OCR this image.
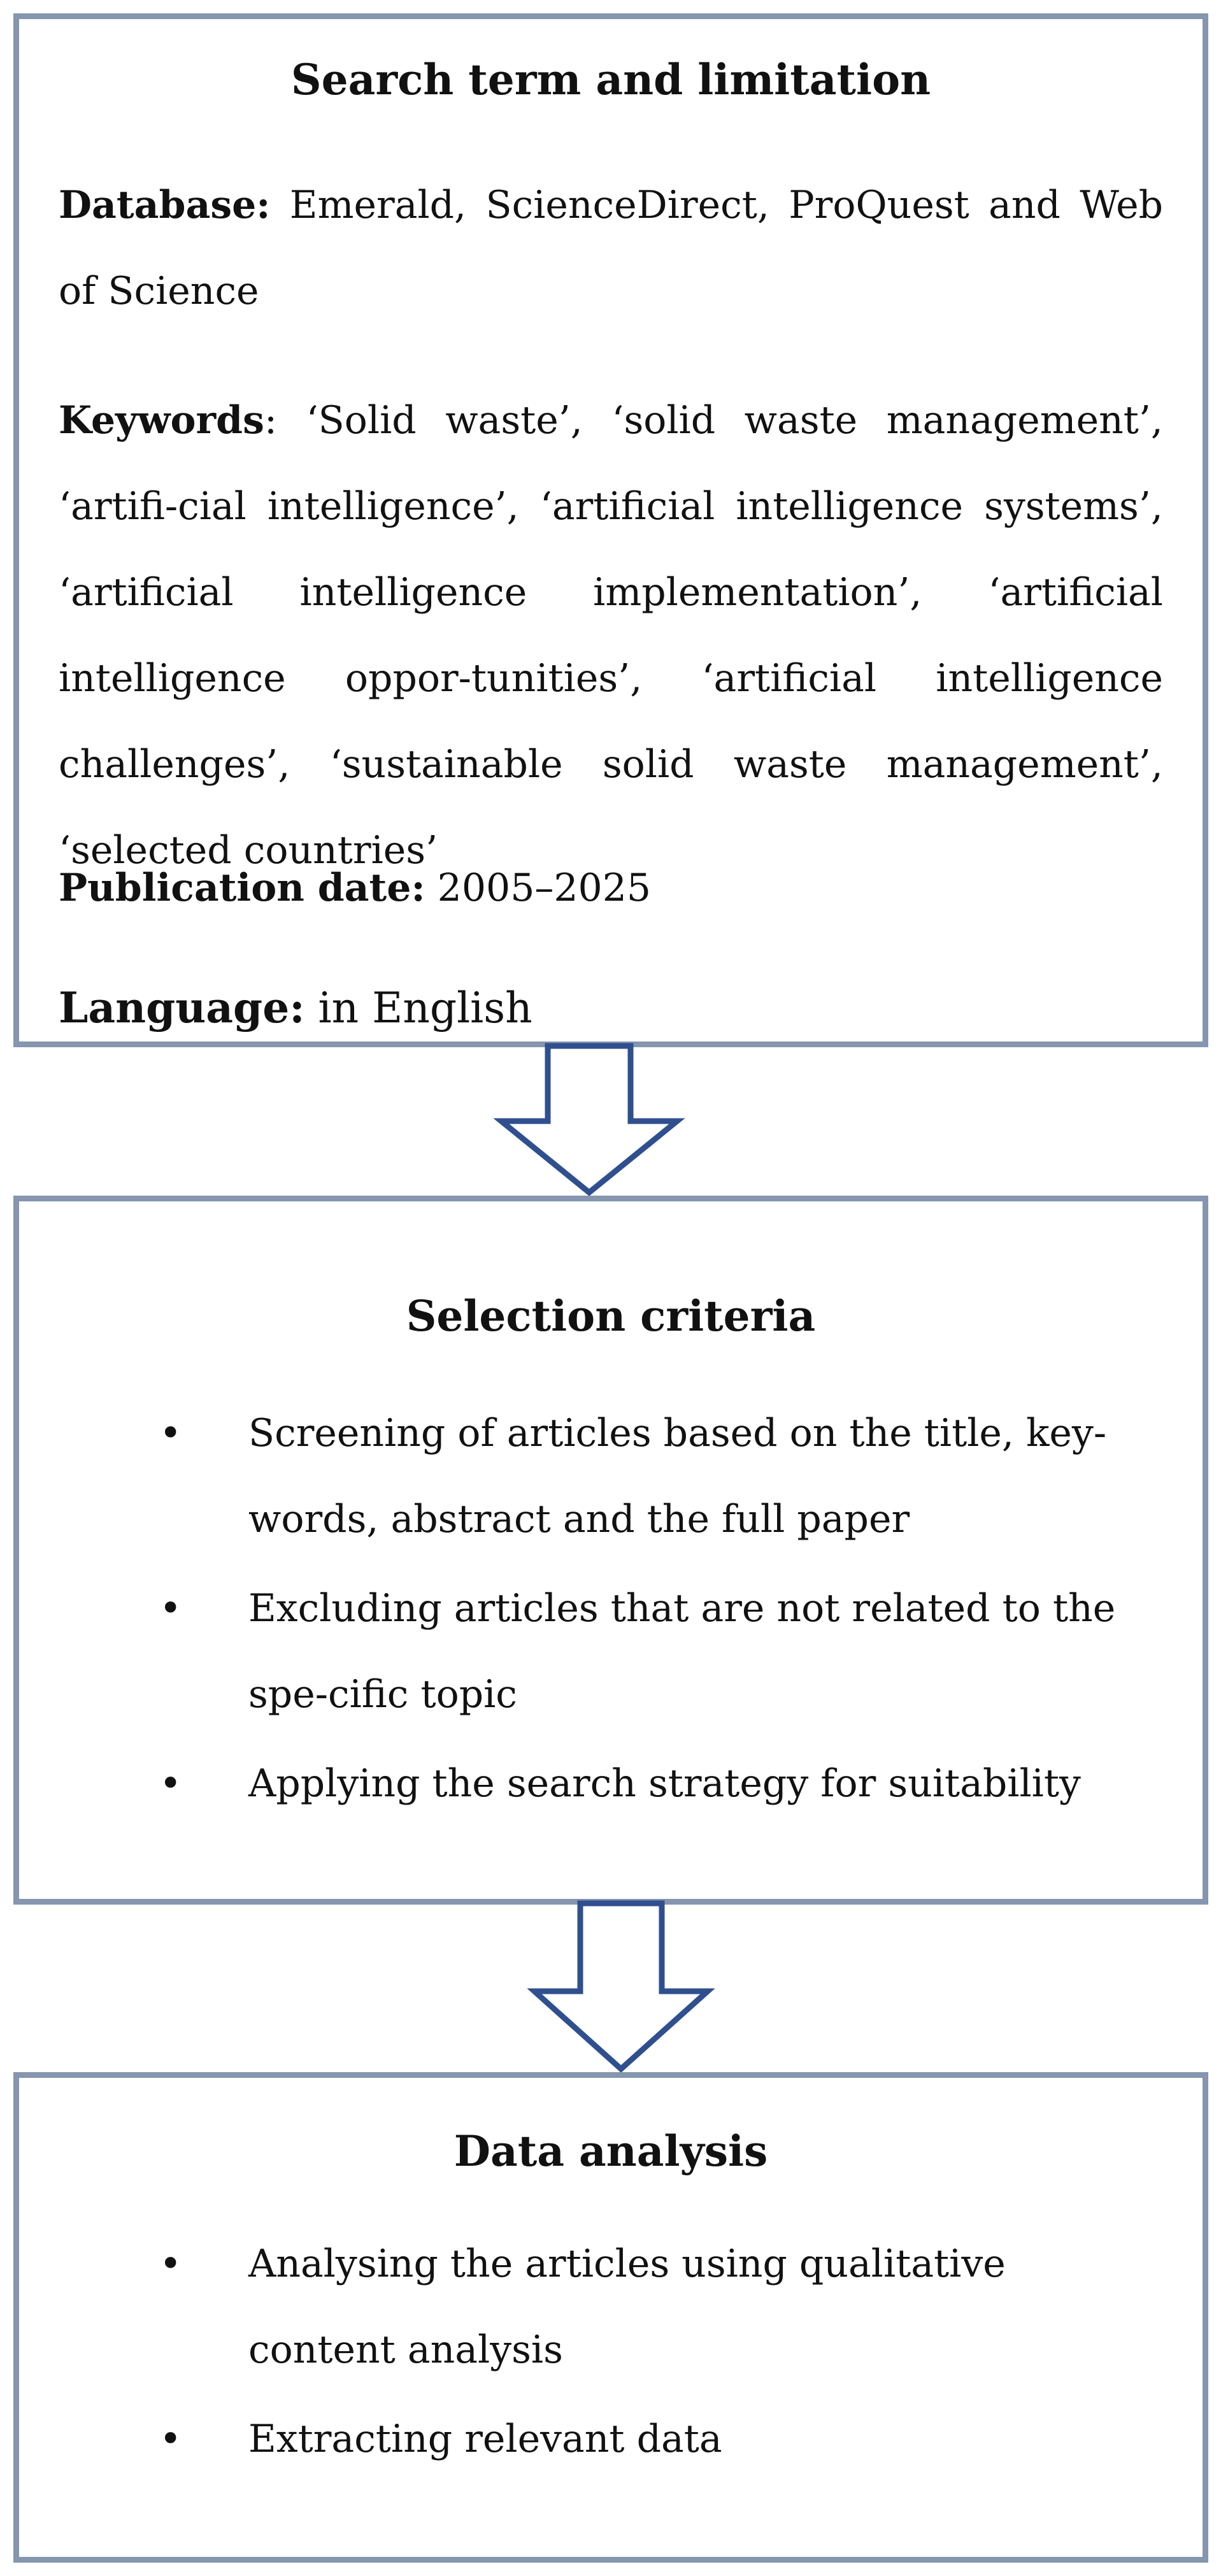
Search term and limitation

Database: Emerald, ScienceDirect, ProQuest and Web of Science

Keywords: ‘Solid waste’, ‘solid waste management’, ‘artifi-cial intelligence’, ‘artificial intelligence systems’, ‘artificial intelligence implementation’, ‘artificial intelligence oppor-tunities’, ‘artificial intelligence challenges’, ‘sustainable solid waste management’, ‘selected countries’

Publication date: 2005–2025

Language: in English

Selection criteria

• Screening of articles based on the title, key-words, abstract and the full paper
• Excluding articles that are not related to the spe-cific topic
• Applying the search strategy for suitability

Data analysis

• Analysing the articles using qualitative content analysis
• Extracting relevant data
